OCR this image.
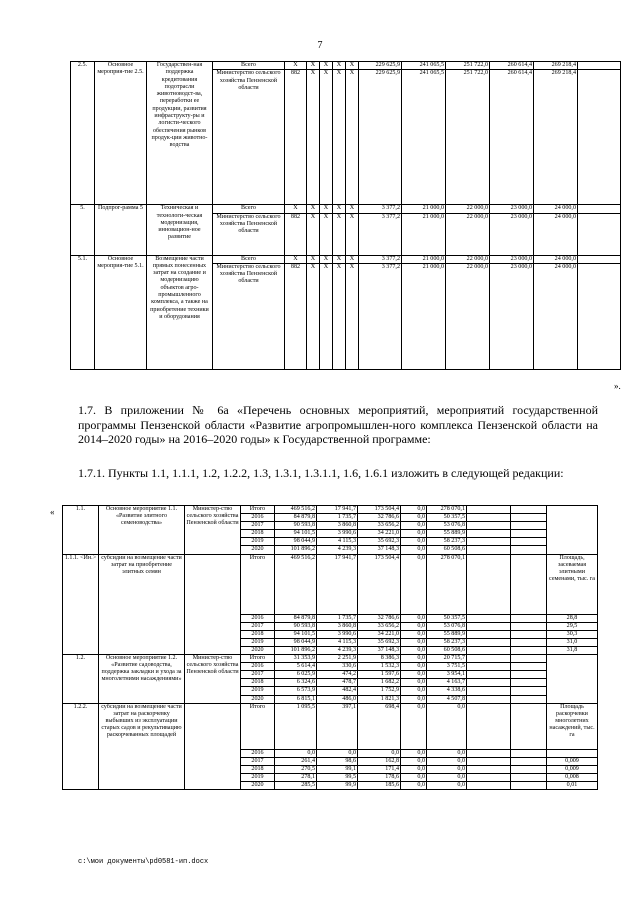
7
2.5.	Основное мероприя-тие 2.5.	Государствен-ная поддержка кредитования подотрасли животноводст-ва, переработки ее продукции, развития инфраструкту-ры и логисти-ческого обеспечения рынков продук-ции животно-водства	Всего	Х	Х	Х	Х	Х	229 625,9	241 065,5	251 722,0	260 614,4	269 218,4	
			Министерство сельского хозяйства Пензенской области	882	Х	Х	Х	Х	229 625,9	241 065,5	251 722,0	260 614,4	269 218,4	
5.	Подпрог-рамма 5	Техническая и технологи-ческая модернизация, инновацион-ное развитие	Всего	Х	Х	Х	Х	Х	3 377,2	21 000,0	22 000,0	23 000,0	24 000,0	
			Министерство сельского хозяйства Пензенской области	882	Х	Х	Х	Х	3 377,2	21 000,0	22 000,0	23 000,0	24 000,0	
5.1.	Основное мероприя-тие 5.1.	Возмещение части прямых понесенных затрат на создание и модернизацию объектов агро-промышленного комплекса, а также на приобретение техники и оборудования	Всего	Х	Х	Х	Х	Х	3 377,2	21 000,0	22 000,0	23 000,0	24 000,0	
			Министерство сельского хозяйства Пензенской области	882	Х	Х	Х	Х	3 377,2	21 000,0	22 000,0	23 000,0	24 000,0	
».
1.7. В приложении № 6а «Перечень основных мероприятий, мероприятий государственной программы Пензенской области «Развитие агропромышлен-ного комплекса Пензенской области на 2014–2020 годы» на 2016–2020 годы» к Государственной программе:
1.7.1. Пункты 1.1, 1.1.1, 1.2, 1.2.2, 1.3, 1.3.1, 1.3.1.1, 1.6, 1.6.1 изложить в следующей редакции:
«	1.1.	Основное мероприятие 1.1. «Развитие элитного семеноводства»	Министер-ство сельского хозяйства Пензенской области	Итого	469 516,2	17 941,7	173 504,4	0,0	278 070,1				
			2016	84 879,8	1 735,7	32 786,6	0,0	50 357,5				
			2017	90 593,8	3 860,8	33 656,2	0,0	53 076,8				
			2018	94 101,5	3 990,6	34 221,0	0,0	55 889,9				
			2019	98 044,9	4 115,3	35 692,3	0,0	58 237,3				
			2020	101 896,2	4 239,3	37 148,3	0,0	60 508,6				
1.1.1. <Ин.>	субсидии на возмещение части затрат на приобретение элитных семян		Итого	469 516,2	17 941,7	173 504,4	0,0	278 070,1			Площадь, засеваемая элитными семенами, тыс. га	
			2016	84 879,8	1 735,7	32 786,6	0,0	50 357,5			28,8	
			2017	90 593,8	3 860,8	33 656,2	0,0	53 076,8			29,5	
			2018	94 101,5	3 990,6	34 221,0	0,0	55 889,9			30,3	
			2019	98 044,9	4 115,3	35 692,3	0,0	58 237,3			31,0	
			2020	101 896,2	4 239,3	37 148,3	0,0	60 508,6			31,8	
1.2.	Основное мероприятие 1.2. «Развитие садоводства, поддержка закладки и ухода за многолетними насаждениями»	Министер-ство сельского хозяйства Пензенской области	Итого	31 353,9	2 251,9	8 386,3	0,0	20 715,7				
			2016	5 614,4	330,6	1 532,3	0,0	3 751,5				
			2017	6 025,9	474,2	1 597,6	0,0	3 954,1				
			2018	6 324,6	478,7	1 682,2	0,0	4 163,7				
			2019	6 573,9	482,4	1 752,9	0,0	4 338,6				
			2020	6 815,1	486,0	1 821,3	0,0	4 507,8				
1.2.2.	субсидии на возмещение части затрат на раскорчевку выбывших из эксплуатации старых садов и рекультивацию раскорчеванных площадей		Итого	1 095,5	397,1	698,4	0,0	0,0			Площадь раскорчевки многолетних насаждений, тыс. га	
			2016	0,0	0,0	0,0	0,0	0,0				
			2017	261,4	98,6	162,8	0,0	0,0			0,009	
			2018	270,5	99,1	171,4	0,0	0,0			0,009	
			2019	278,1	99,5	178,6	0,0	0,0			0,008	
			2020	285,5	99,9	185,6	0,0	0,0			0,01	
c:\мои документы\pd0581-ип.docx
